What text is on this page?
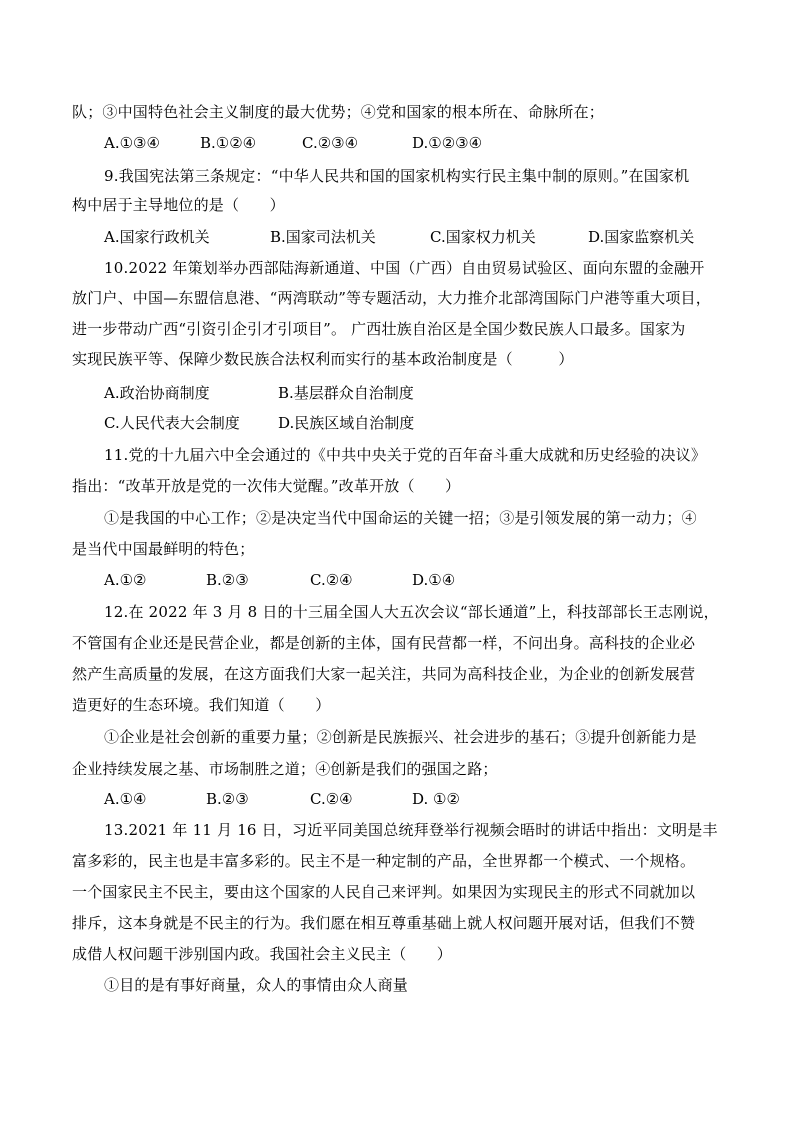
队；③中国特色社会主义制度的最大优势；④党和国家的根本所在、命脉所在；
A.①③④	B.①②④	C.②③④	D.①②③④
9.我国宪法第三条规定：“中华人民共和国的国家机构实行民主集中制的原则。”在国家机
构中居于主导地位的是（　　）
A.国家行政机关	B.国家司法机关	C.国家权力机关	D.国家监察机关
10.2022 年策划举办西部陆海新通道、中国（广西）自由贸易试验区、面向东盟的金融开
放门户、中国—东盟信息港、“两湾联动”等专题活动，大力推介北部湾国际门户港等重大项目，
进一步带动广西“引资引企引才引项目”。 广西壮族自治区是全国少数民族人口最多。国家为
实现民族平等、保障少数民族合法权利而实行的基本政治制度是（　　　）
A.政治协商制度	B.基层群众自治制度
C.人民代表大会制度	D.民族区域自治制度
11.党的十九届六中全会通过的《中共中央关于党的百年奋斗重大成就和历史经验的决议》
指出：“改革开放是党的一次伟大觉醒。”改革开放（　　）
①是我国的中心工作；②是决定当代中国命运的关键一招；③是引领发展的第一动力；④
是当代中国最鲜明的特色；
A.①②	B.②③	C.②④	D.①④
12.在 2022 年 3 月 8 日的十三届全国人大五次会议“部长通道”上，科技部部长王志刚说，
不管国有企业还是民营企业，都是创新的主体，国有民营都一样，不问出身。高科技的企业必
然产生高质量的发展，在这方面我们大家一起关注，共同为高科技企业，为企业的创新发展营
造更好的生态环境。我们知道（　　）
①企业是社会创新的重要力量；②创新是民族振兴、社会进步的基石；③提升创新能力是
企业持续发展之基、市场制胜之道；④创新是我们的强国之路；
A.①④	B.②③	C.②④	D. ①②
13.2021 年 11 月 16 日，习近平同美国总统拜登举行视频会晤时的讲话中指出：文明是丰
富多彩的，民主也是丰富多彩的。民主不是一种定制的产品，全世界都一个模式、一个规格。
一个国家民主不民主，要由这个国家的人民自己来评判。如果因为实现民主的形式不同就加以
排斥，这本身就是不民主的行为。我们愿在相互尊重基础上就人权问题开展对话，但我们不赞
成借人权问题干涉别国内政。我国社会主义民主（　　）
①目的是有事好商量，众人的事情由众人商量
